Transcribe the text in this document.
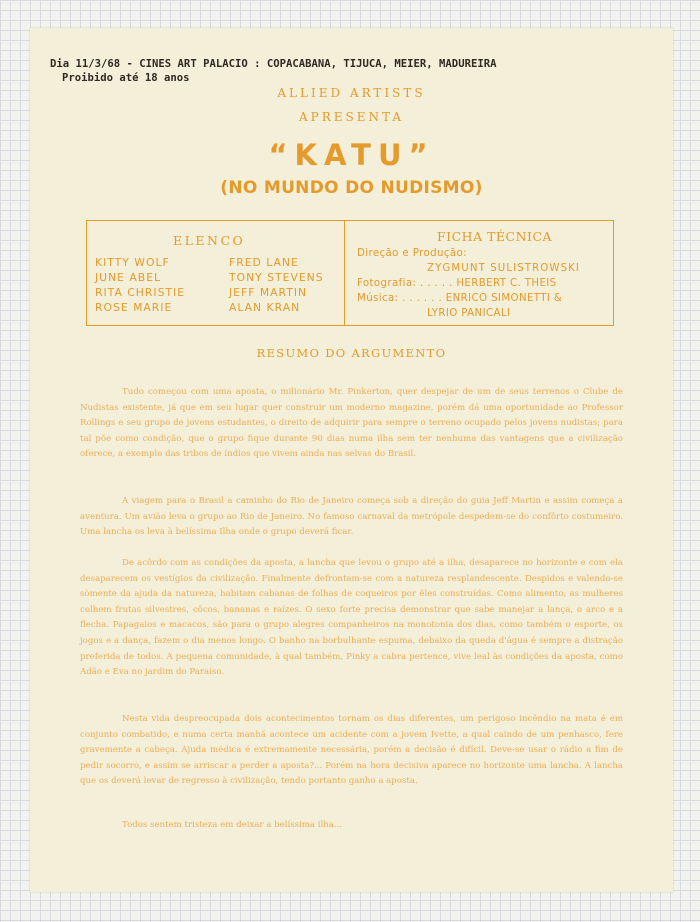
Dia 11/3/68 - CINES ART PALACIO : COPACABANA, TIJUCA, MEIER, MADUREIRA
Proibido até 18 anos
ALLIED ARTISTS
APRESENTA
“KATU”
(NO MUNDO DO NUDISMO)
ELENCO
KITTY WOLF
JUNE ABEL
RITA CHRISTIE
ROSE MARIE
FRED LANE
TONY STEVENS
JEFF MARTIN
ALAN KRAN
FICHA TÉCNICA
Direção e Produção:
ZYGMUNT SULISTROWSKI
Fotografia: . . . . . HERBERT C. THEIS
Música: . . . . . . ENRICO SIMONETTI &
LYRIO PANICALI
RESUMO DO ARGUMENTO

Tudo começou com uma aposta, o milionário Mr. Pinkerton, quer despejar de um de seus terrenos o Clube de Nudistas existente, já que em seu lugar quer construir um moderno magazine, porém dá uma oportunidade ao Professor Rollings e seu grupo de jovens estudantes, o direito de adquirir para sempre o terreno ocupado pelos jovens nudistas; para tal põe como condição, que o grupo fique durante 90 dias numa ilha sem ter nenhuma das vantagens que a civilização oferece, a exemplo das tribos de índios que vivem ainda nas selvas do Brasil.

A viagem para o Brasil a caminho do Rio de Janeiro começa sob a direção do guia Jeff Martin e assim começa a aventura. Um avião leva o grupo ao Rio de Janeiro. No famoso carnaval da metrópole despedem-se do confôrto costumeiro. Uma lancha os leva à belíssima Ilha onde o grupo deverá ficar.

De acôrdo com as condições da aposta, a lancha que levou o grupo até a ilha, desaparece no horizonte e com ela desaparecem os vestígios da civilização. Finalmente defrontam-se com a natureza resplandescente. Despidos e valendo-se sòmente da ajuda da natureza, habitam cabanas de folhas de coqueiros por êles construídas. Como alimento, as mulheres colhem frutas silvestres, côcos, bananas e raízes. O sexo forte precisa demonstrar que sabe manejar a lança, o arco e a flecha. Papagaios e macacos, são para o grupo alegres companheiros na monotonia dos dias, como também o esporte, os jogos e a dança, fazem o dia menos longo. O banho na borbulhante espuma, debaixo da queda d'água é sempre a distração preferida de todos. A pequena comunidade, à qual também, Pinky a cabra pertence, vive leal às condições da aposta, como Adão e Eva no jardim do Paraíso.

Nesta vida despreocupada dois acontecimentos tornam os dias diferentes, um perigoso incêndio na mata é em conjunto combatido, e numa certa manhã acontece um acidente com a jovem Ivette, a qual caindo de um penhasco, fere gravemente a cabeça. Ajuda médica é extremamente necessária, porém a decisão é difícil. Deve-se usar o rádio a fim de pedir socorro, e assim se arriscar a perder a aposta?... Porém na hora decisiva aparece no horizonte uma lancha. A lancha que os deverá levar de regresso à civilização, tendo portanto ganho a aposta.

Todos sentem tristeza em deixar a belíssima ilha...
